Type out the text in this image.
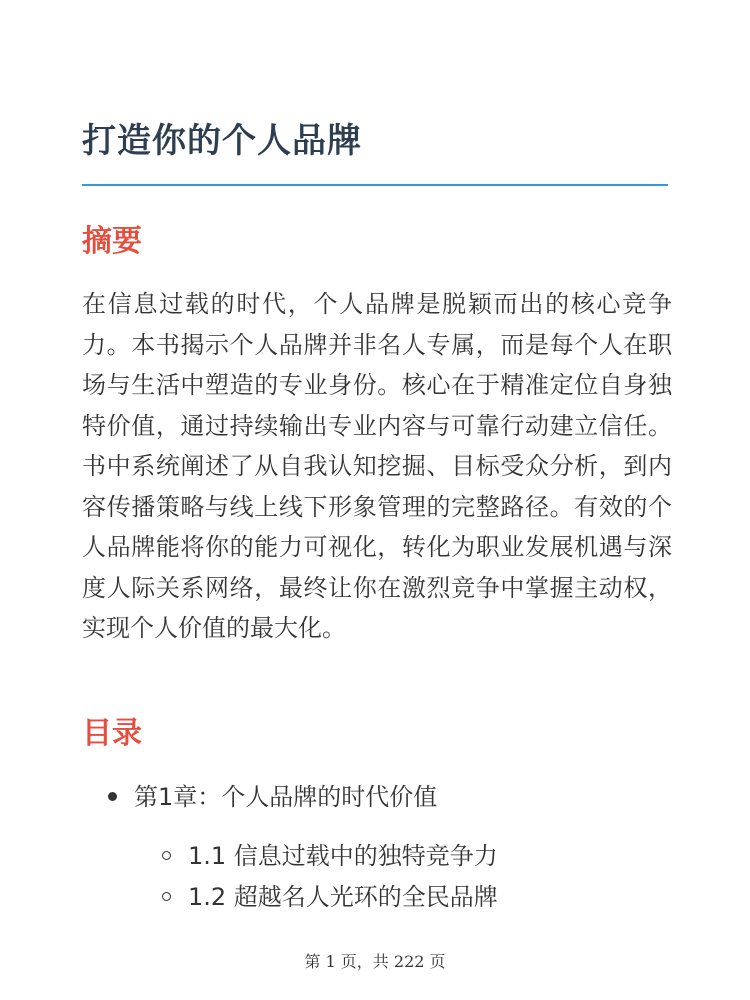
打造你的个人品牌
摘要

在信息过载的时代，个人品牌是脱颖而出的核心竞争力。本书揭示个人品牌并非名人专属，而是每个人在职场与生活中塑造的专业身份。核心在于精准定位自身独特价值，通过持续输出专业内容与可靠行动建立信任。书中系统阐述了从自我认知挖掘、目标受众分析，到内容传播策略与线上线下形象管理的完整路径。有效的个人品牌能将你的能力可视化，转化为职业发展机遇与深度人际关系网络，最终让你在激烈竞争中掌握主动权，实现个人价值的最大化。

目录
第1章：个人品牌的时代价值
1.1 信息过载中的独特竞争力
1.2 超越名人光环的全民品牌
第 1 页，共 222 页
